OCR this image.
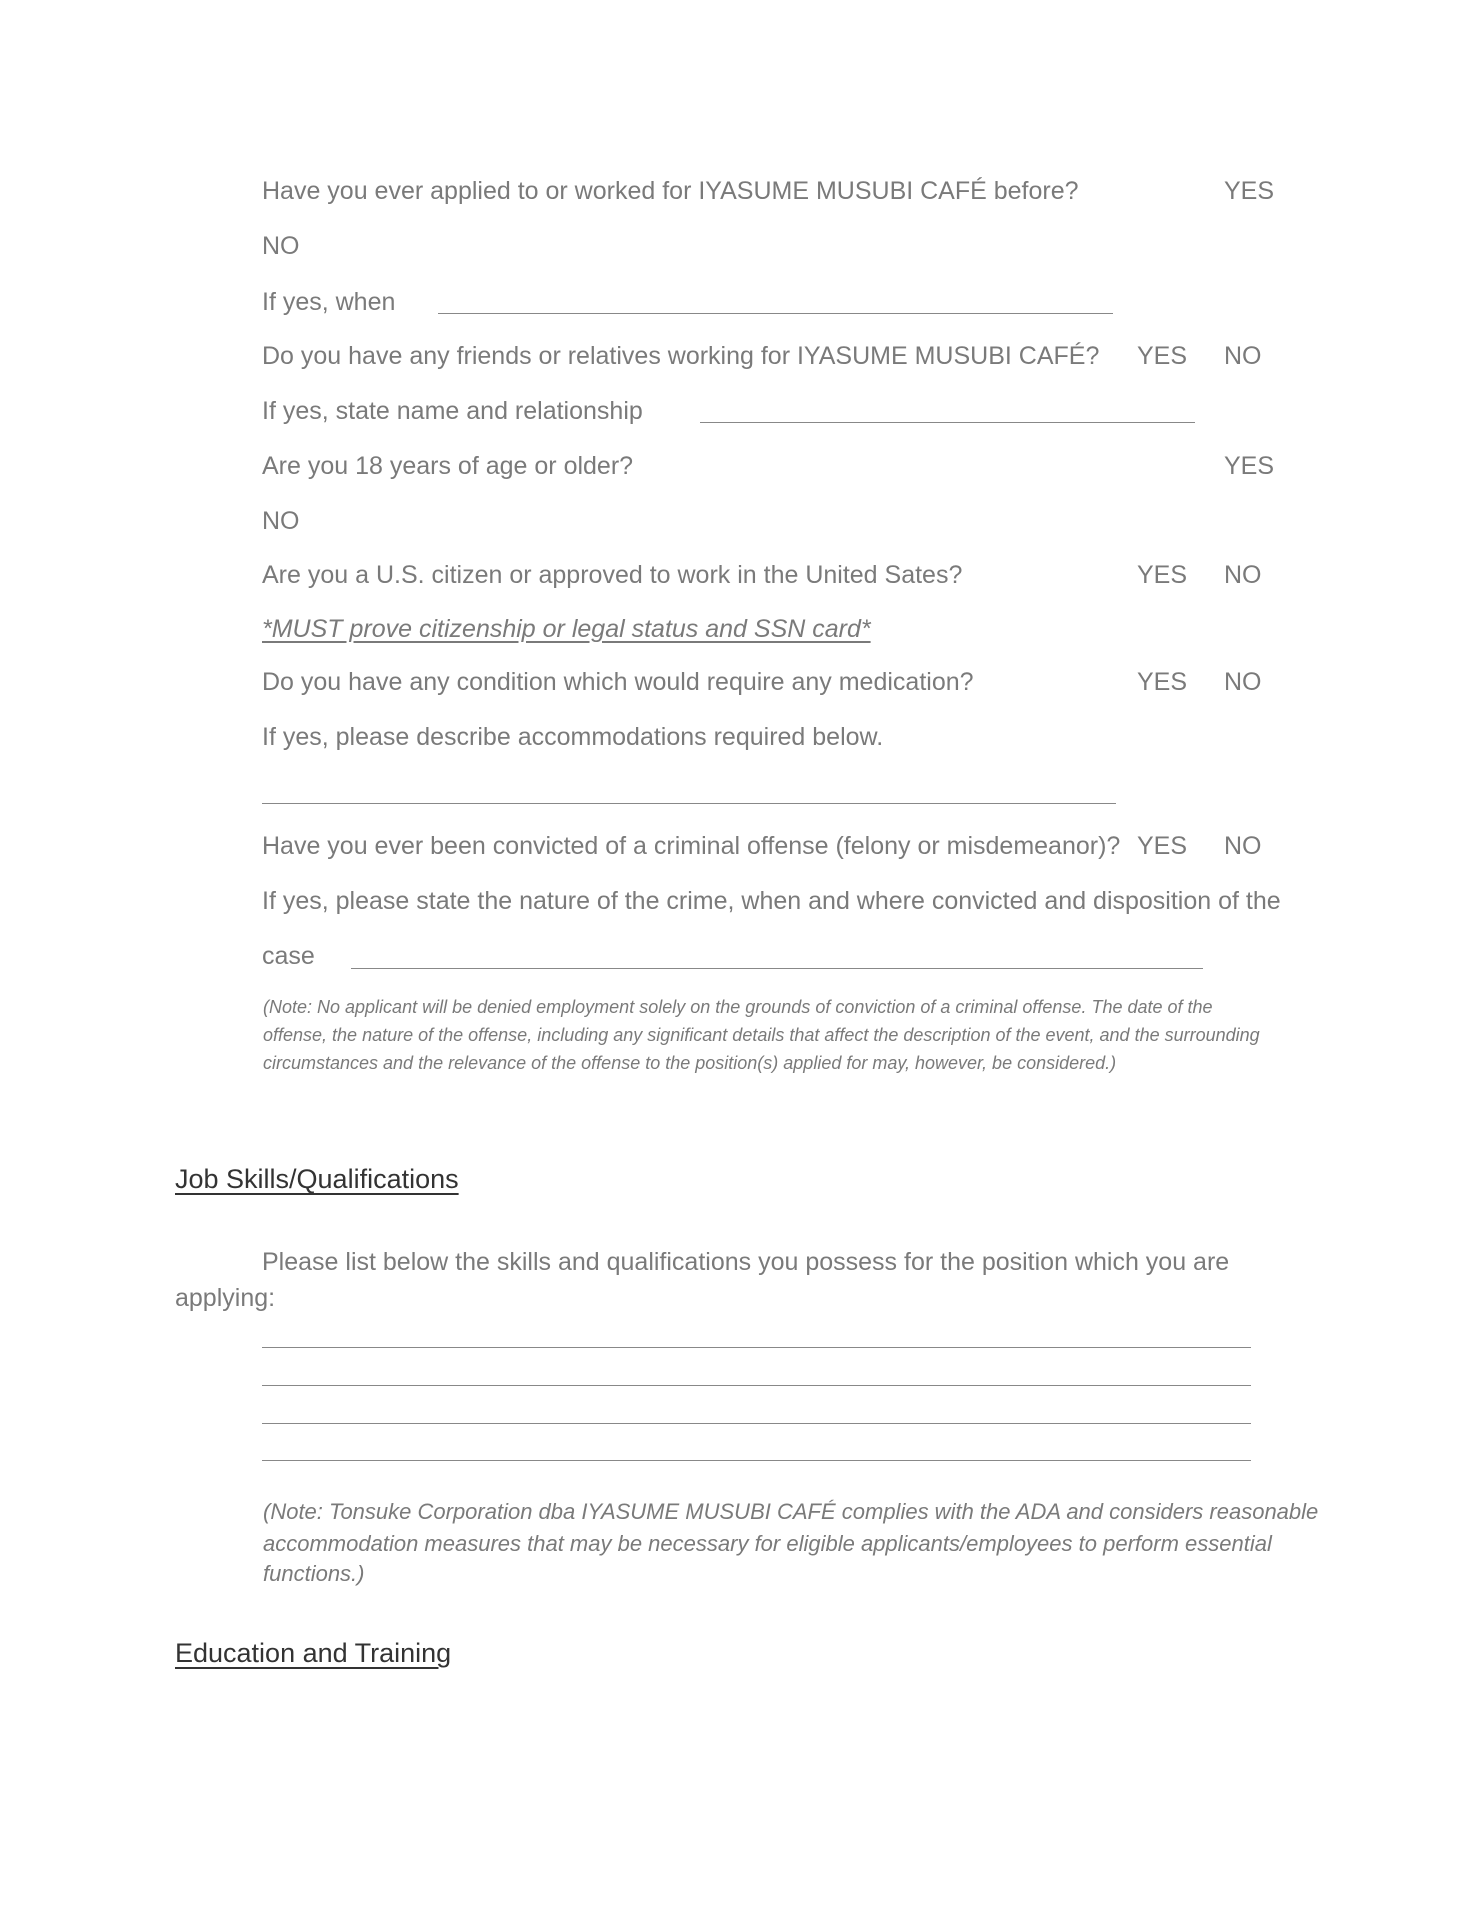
Have you ever applied to or worked for IYASUME MUSUBI CAFÉ before?	YES
NO
If yes, when
Do you have any friends or relatives working for IYASUME MUSUBI CAFÉ? YES NO
If yes, state name and relationship
Are you 18 years of age or older?	YES
NO
Are you a U.S. citizen or approved to work in the United Sates?	YES NO
*MUST prove citizenship or legal status and SSN card*
Do you have any condition which would require any medication?	YES NO
If yes, please describe accommodations required below.
Have you ever been convicted of a criminal offense (felony or misdemeanor)? YES NO
If yes, please state the nature of the crime, when and where convicted and disposition of the
case
(Note: No applicant will be denied employment solely on the grounds of conviction of a criminal offense. The date of the
offense, the nature of the offense, including any significant details that affect the description of the event, and the surrounding
circumstances and the relevance of the offense to the position(s) applied for may, however, be considered.)
Job Skills/Qualifications
Please list below the skills and qualifications you possess for the position which you are
applying:
(Note: Tonsuke Corporation dba IYASUME MUSUBI CAFÉ complies with the ADA and considers reasonable
accommodation measures that may be necessary for eligible applicants/employees to perform essential
functions.)
Education and Training
